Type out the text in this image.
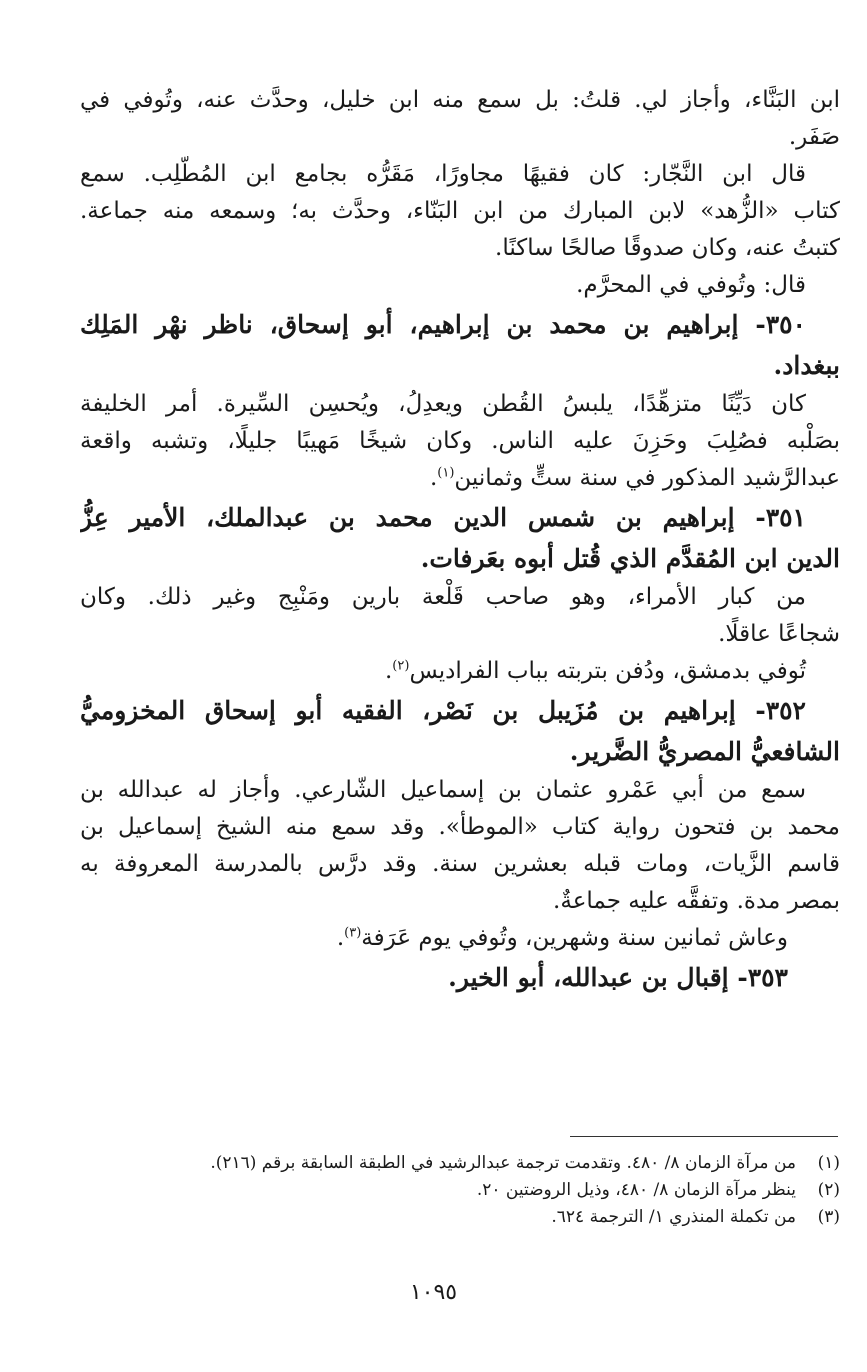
ابن البَنَّاء، وأجاز لي. قلتُ: بل سمع منه ابن خليل، وحدَّث عنه، وتُوفي في
صَفَر.
قال ابن النَّجّار: كان فقيهًا مجاورًا، مَقَرُّه بجامع ابن المُطَّلِب. سمع
كتاب «الزُّهد» لابن المبارك من ابن البَنّاء، وحدَّث به؛ وسمعه منه جماعة.
كتبتُ عنه، وكان صدوقًا صالحًا ساكنًا.
قال: وتُوفي في المحرَّم.
٣٥٠- إبراهيم بن محمد بن إبراهيم، أبو إسحاق، ناظر نهْر المَلِك
ببغداد.
كان دَيِّنًا متزهِّدًا، يلبسُ القُطن ويعدِلُ، ويُحسِن السِّيرة. أمر الخليفة
بصَلْبه فصُلِبَ وحَزِنَ عليه الناس. وكان شيخًا مَهيبًا جليلًا، وتشبه واقعة
عبدالرَّشيد المذكور في سنة ستٍّ وثمانين$^{(١)}$.
٣٥١- إبراهيم بن شمس الدين محمد بن عبدالملك، الأمير عِزُّ
الدين ابن المُقدَّم الذي قُتل أبوه بعَرفات.
من كبار الأمراء، وهو صاحب قَلْعة بارين ومَنْبِج وغير ذلك. وكان
شجاعًا عاقلًا.
تُوفي بدمشق، ودُفن بتربته بباب الفراديس$^{(٢)}$.
٣٥٢- إبراهيم بن مُزَيبل بن نَصْر، الفقيه أبو إسحاق المخزوميُّ
الشافعيُّ المصريُّ الضَّرير.
سمع من أبي عَمْرو عثمان بن إسماعيل الشّارعي. وأجاز له عبدالله بن
محمد بن فتحون رواية كتاب «الموطأ». وقد سمع منه الشيخ إسماعيل بن
قاسم الزَّيات، ومات قبله بعشرين سنة. وقد درَّس بالمدرسة المعروفة به
بمصر مدة. وتفقَّه عليه جماعةٌ.
وعاش ثمانين سنة وشهرين، وتُوفي يوم عَرَفة$^{(٣)}$.
٣٥٣- إقبال بن عبدالله، أبو الخير.
(١)من مرآة الزمان ٨/ ٤٨٠. وتقدمت ترجمة عبدالرشيد في الطبقة السابقة برقم (٢١٦).
(٢)ينظر مرآة الزمان ٨/ ٤٨٠، وذيل الروضتين ٢٠.
(٣)من تكملة المنذري ١/ الترجمة ٦٢٤.
١٠٩٥
